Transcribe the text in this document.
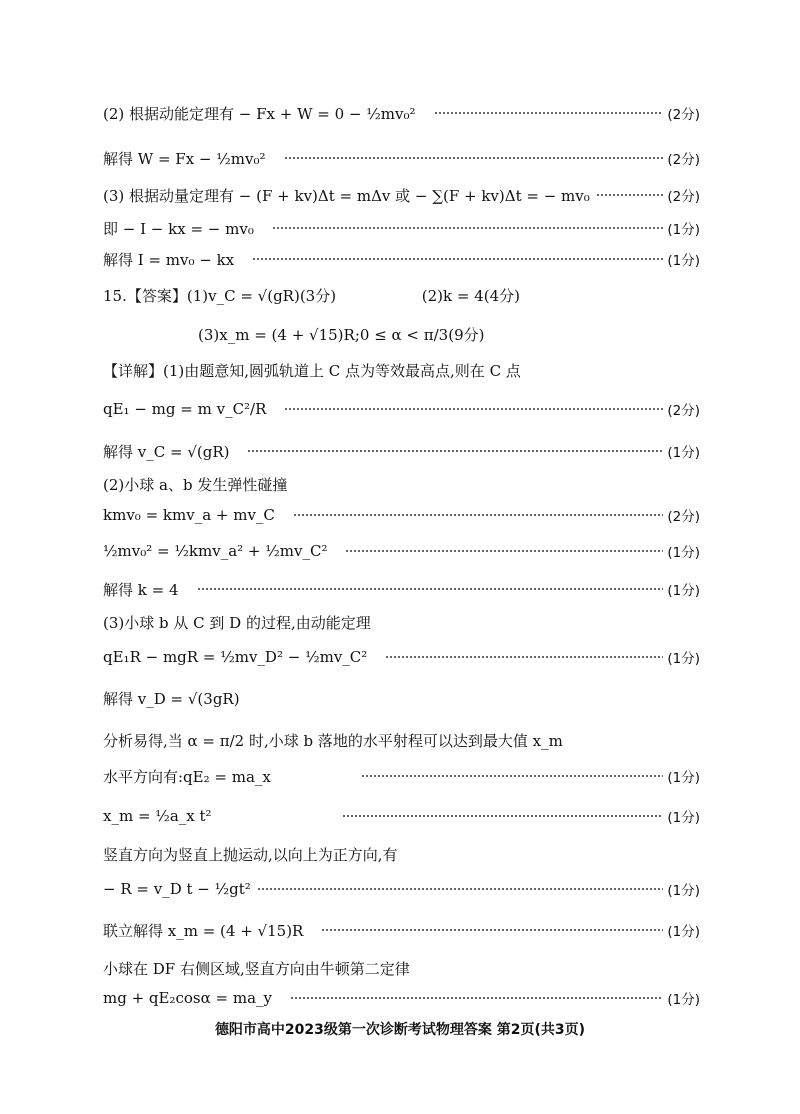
(2) 根据动能定理有 − Fx + W = 0 − ½mv₀²	(2分)
解得 W = Fx − ½mv₀²	(2分)
(3) 根据动量定理有 − (F + kv)Δt = mΔv 或 − ∑(F + kv)Δt = − mv₀	(2分)
即 − I − kx = − mv₀	(1分)
解得 I = mv₀ − kx	(1分)
15.【答案】(1)v_C = √(gR)(3分)	(2)k = 4(4分)
(3)x_m = (4 + √15)R;0 ≤ α < π/3(9分)
【详解】(1)由题意知,圆弧轨道上 C 点为等效最高点,则在 C 点
qE₁ − mg = m v_C²/R	(2分)
解得 v_C = √(gR)	(1分)
(2)小球 a、b 发生弹性碰撞
kmv₀ = kmv_a + mv_C	(2分)
½mv₀² = ½kmv_a² + ½mv_C²	(1分)
解得 k = 4	(1分)
(3)小球 b 从 C 到 D 的过程,由动能定理
qE₁R − mgR = ½mv_D² − ½mv_C²	(1分)
解得 v_D = √(3gR)
分析易得,当 α = π/2 时,小球 b 落地的水平射程可以达到最大值 x_m
水平方向有:qE₂ = ma_x	(1分)
x_m = ½a_x t²	(1分)
竖直方向为竖直上抛运动,以向上为正方向,有
− R = v_D t − ½gt²	(1分)
联立解得 x_m = (4 + √15)R	(1分)
小球在 DF 右侧区域,竖直方向由牛顿第二定律
mg + qE₂cosα = ma_y	(1分)
德阳市高中2023级第一次诊断考试物理答案 第2页(共3页)
